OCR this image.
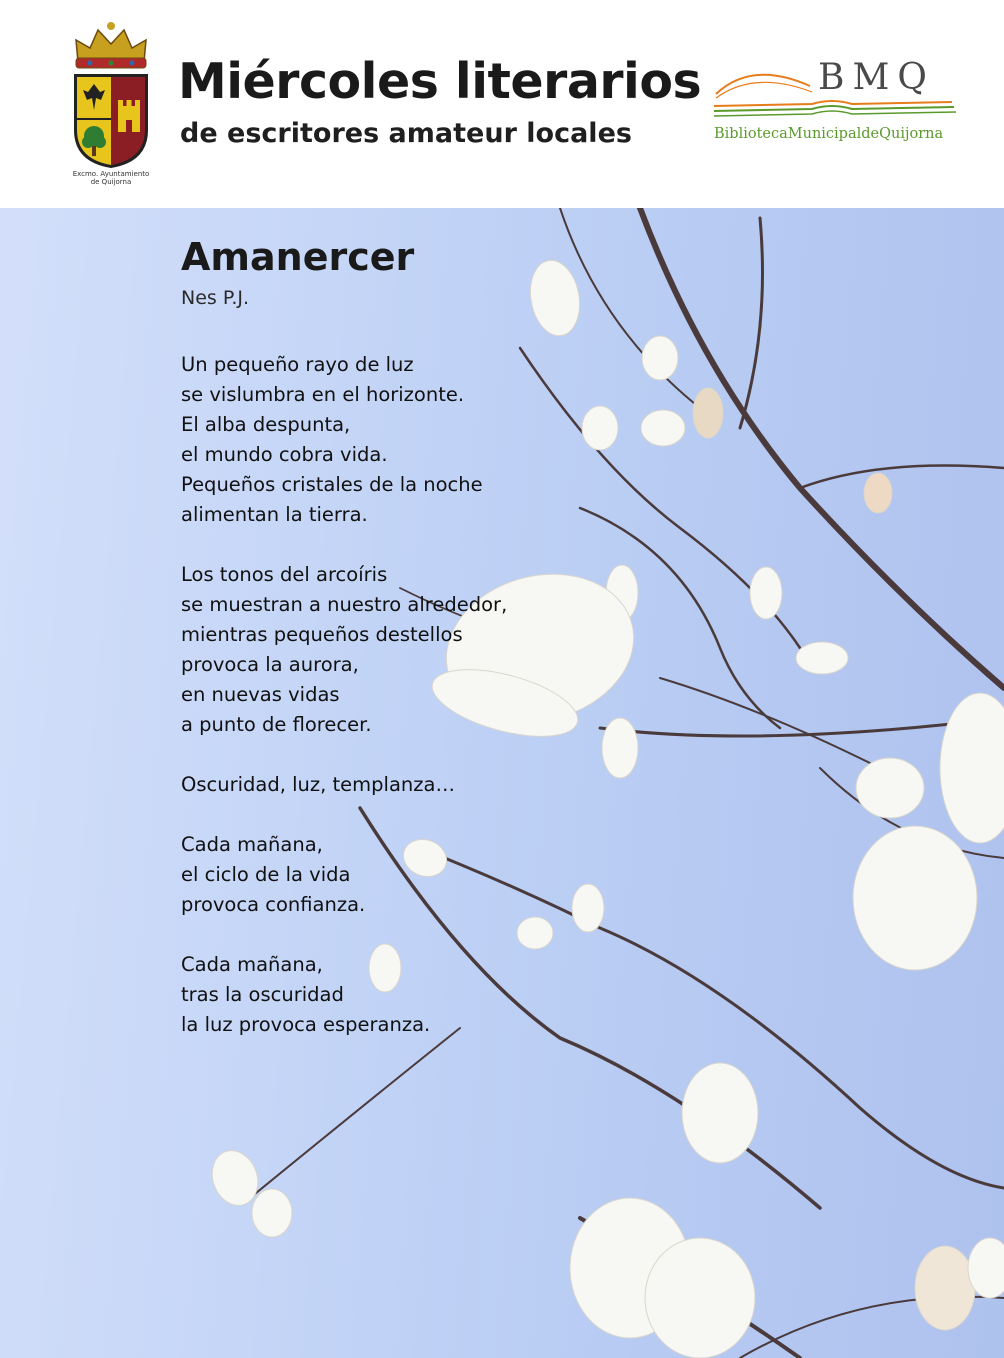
Excmo. Ayuntamiento
de Quijorna
Miércoles literarios
de escritores amateur locales
BMQ
BibliotecaMunicipaldeQuijorna
Amanercer

Nes P.J.

Un pequeño rayo de luz
se vislumbra en el horizonte.
El alba despunta,
el mundo cobra vida.
Pequeños cristales de la noche
alimentan la tierra.

Los tonos del arcoíris
se muestran a nuestro alrededor,
mientras pequeños destellos
provoca la aurora,
en nuevas vidas
a punto de florecer.

Oscuridad, luz, templanza…

Cada mañana,
el ciclo de la vida
provoca confianza.

Cada mañana,
tras la oscuridad
la luz provoca esperanza.
